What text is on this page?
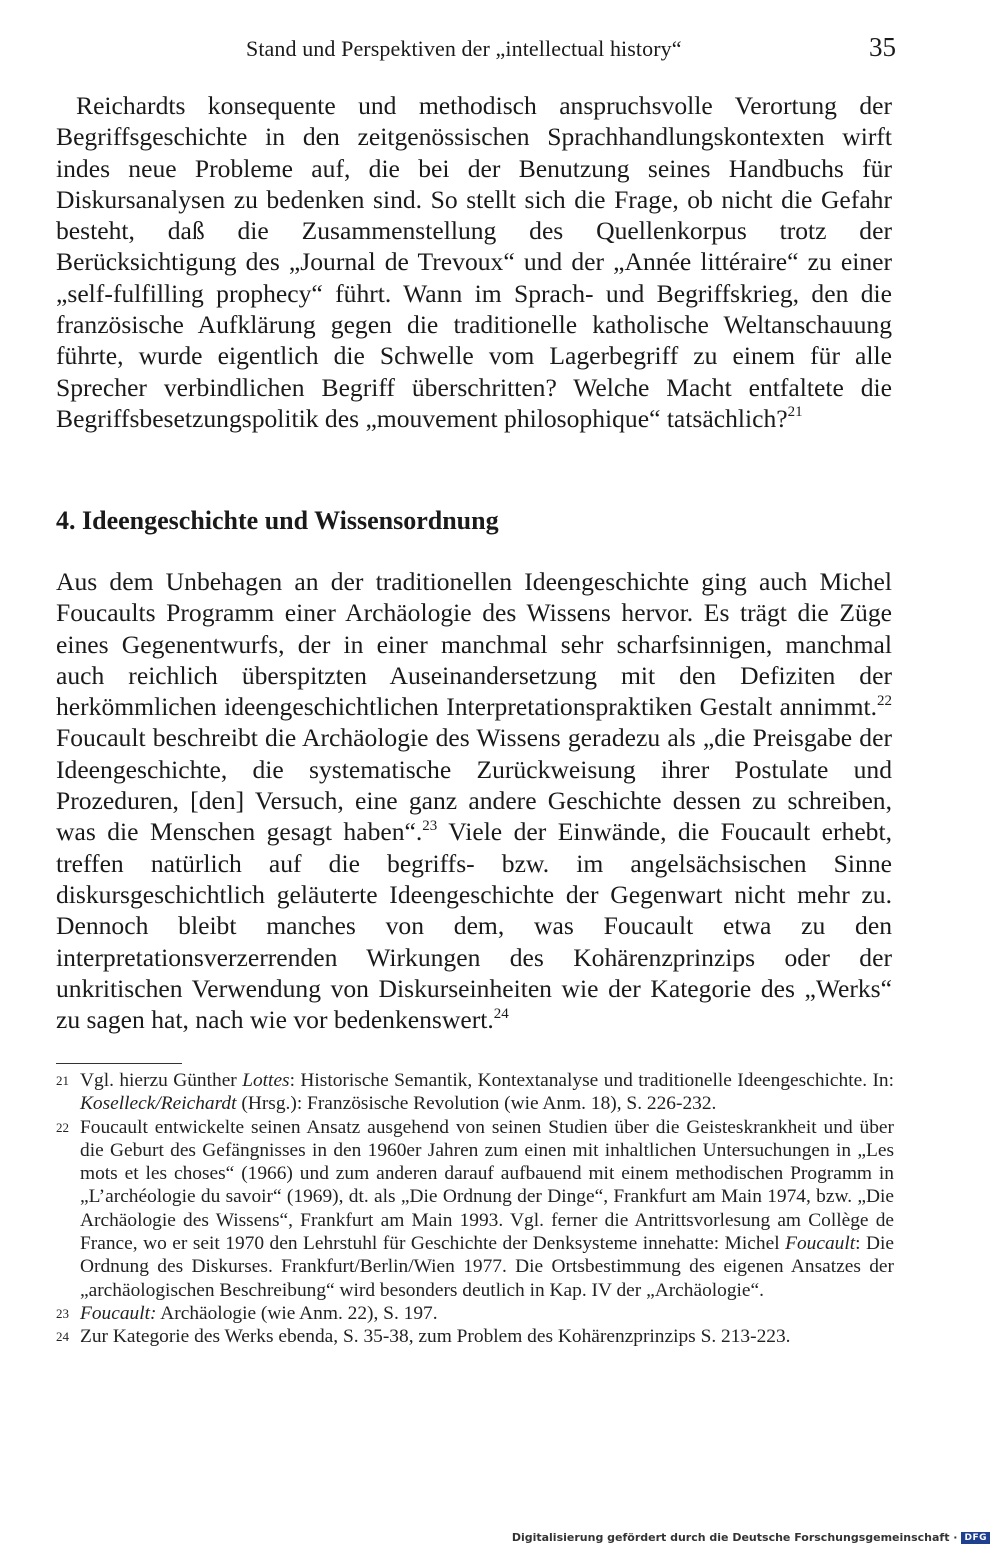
Stand und Perspektiven der „intellectual history“	35

Reichardts konsequente und methodisch anspruchsvolle Verortung der Begriffsgeschichte in den zeitgenössischen Sprachhandlungskontexten wirft indes neue Probleme auf, die bei der Benutzung seines Handbuchs für Diskursanalysen zu bedenken sind. So stellt sich die Frage, ob nicht die Gefahr besteht, daß die Zusammenstellung des Quellenkorpus trotz der Berücksichtigung des „Journal de Trevoux“ und der „Année littéraire“ zu einer „self-fulfilling prophecy“ führt. Wann im Sprach- und Begriffskrieg, den die französische Aufklärung gegen die traditionelle katholische Weltanschauung führte, wurde eigentlich die Schwelle vom Lagerbegriff zu einem für alle Sprecher verbindlichen Begriff überschritten? Welche Macht entfaltete die Begriffsbesetzungspolitik des „mouvement philosophique“ tatsächlich?$^{21}$

4. Ideengeschichte und Wissensordnung

Aus dem Unbehagen an der traditionellen Ideengeschichte ging auch Michel Foucaults Programm einer Archäologie des Wissens hervor. Es trägt die Züge eines Gegenentwurfs, der in einer manchmal sehr scharfsinnigen, manchmal auch reichlich überspitzten Auseinandersetzung mit den Defiziten der herkömmlichen ideengeschichtlichen Interpretationspraktiken Gestalt annimmt.$^{22}$ Foucault beschreibt die Archäologie des Wissens geradezu als „die Preisgabe der Ideengeschichte, die systematische Zurückweisung ihrer Postulate und Prozeduren, [den] Versuch, eine ganz andere Geschichte dessen zu schreiben, was die Menschen gesagt haben“.$^{23}$ Viele der Einwände, die Foucault erhebt, treffen natürlich auf die begriffs- bzw. im angelsächsischen Sinne diskursgeschichtlich geläuterte Ideengeschichte der Gegenwart nicht mehr zu. Dennoch bleibt manches von dem, was Foucault etwa zu den interpretationsverzerrenden Wirkungen des Kohärenzprinzips oder der unkritischen Verwendung von Diskurseinheiten wie der Kategorie des „Werks“ zu sagen hat, nach wie vor bedenkenswert.$^{24}$

21 Vgl. hierzu Günther Lottes: Historische Semantik, Kontextanalyse und traditionelle Ideengeschichte. In: Koselleck/Reichardt (Hrsg.): Französische Revolution (wie Anm. 18), S. 226-232.
22 Foucault entwickelte seinen Ansatz ausgehend von seinen Studien über die Geisteskrankheit und über die Geburt des Gefängnisses in den 1960er Jahren zum einen mit inhaltlichen Untersuchungen in „Les mots et les choses“ (1966) und zum anderen darauf aufbauend mit einem methodischen Programm in „L’archéologie du savoir“ (1969), dt. als „Die Ordnung der Dinge“, Frankfurt am Main 1974, bzw. „Die Archäologie des Wissens“, Frankfurt am Main 1993. Vgl. ferner die Antrittsvorlesung am Collège de France, wo er seit 1970 den Lehrstuhl für Geschichte der Denksysteme innehatte: Michel Foucault: Die Ordnung des Diskurses. Frankfurt/Berlin/Wien 1977. Die Ortsbestimmung des eigenen Ansatzes der „archäologischen Beschreibung“ wird besonders deutlich in Kap. IV der „Archäologie“.
23 Foucault: Archäologie (wie Anm. 22), S. 197.
24 Zur Kategorie des Werks ebenda, S. 35-38, zum Problem des Kohärenzprinzips S. 213-223.
Digitalisierung gefördert durch die Deutsche Forschungsgemeinschaft · DFG
